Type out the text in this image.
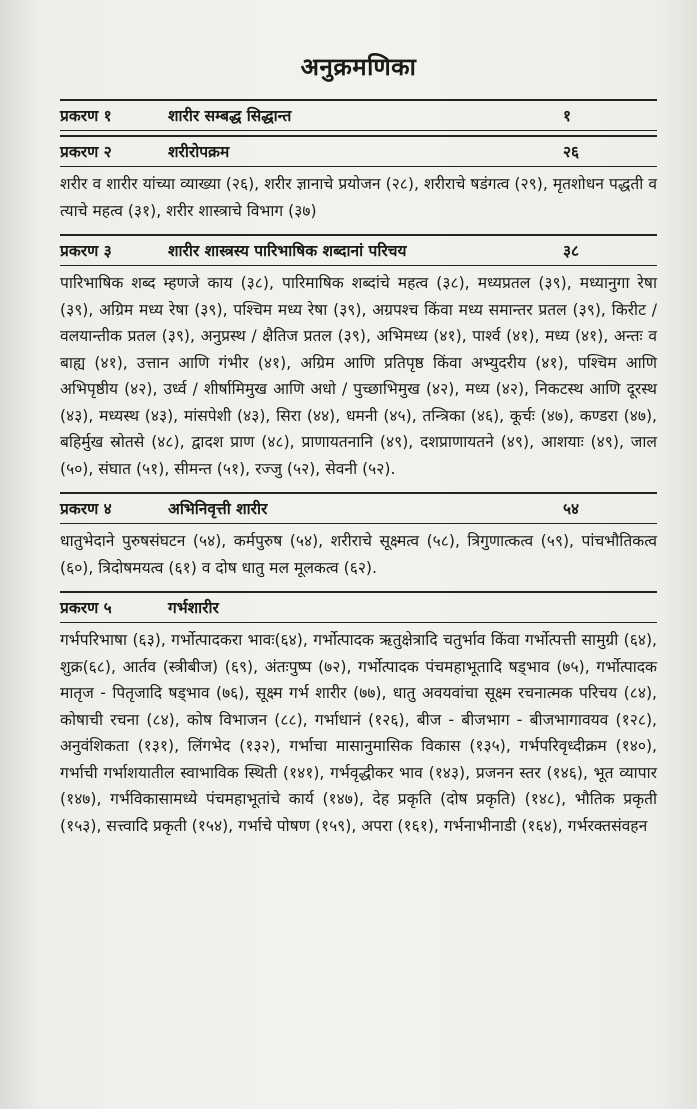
अनुक्रमणिका
प्रकरण १	शारीर सम्बद्ध सिद्धान्त	१
प्रकरण २	शरीरोपक्रम	२६

शरीर व शारीर यांच्या व्याख्या (२६), शरीर ज्ञानाचे प्रयोजन (२८), शरीराचे षडंगत्व (२९), मृतशोधन पद्धती व त्याचे महत्व (३१), शरीर शास्त्राचे विभाग (३७)

प्रकरण ३	शारीर शास्त्रस्य पारिभाषिक शब्दानां परिचय	३८

पारिभाषिक शब्द म्हणजे काय (३८), पारिमाषिक शब्दांचे महत्व (३८), मध्यप्रतल (३९), मध्यानुगा रेषा (३९), अग्रिम मध्य रेषा (३९), पश्चिम मध्य रेषा (३९), अग्रपश्च किंवा मध्य समान्तर प्रतल (३९), किरीट / वलयान्तीक प्रतल (३९), अनुप्रस्थ / क्षैतिज प्रतल (३९), अभिमध्य (४१), पार्श्व (४१), मध्य (४१), अन्तः व बाह्य (४१), उत्तान आणि गंभीर (४१), अग्रिम आणि प्रतिपृष्ठ किंवा अभ्युदरीय (४१), पश्चिम आणि अभिपृष्ठीय (४२), उर्ध्व / शीर्षामिमुख आणि अधो / पुच्छाभिमुख (४२), मध्य (४२), निकटस्थ आणि दूरस्थ (४३), मध्यस्थ (४३), मांसपेशी (४३), सिरा (४४), धमनी (४५), तन्त्रिका (४६), कूर्चः (४७), कण्डरा (४७), बहिर्मुख स्रोतसे (४८), द्वादश प्राण (४८), प्राणायतनानि (४९), दशप्राणायतने (४९), आशयाः (४९), जाल (५०), संघात (५१), सीमन्त (५१), रज्जु (५२), सेवनी (५२).

प्रकरण ४	अभिनिवृत्ती शारीर	५४

धातुभेदाने पुरुषसंघटन (५४), कर्मपुरुष (५४), शरीराचे सूक्ष्मत्व (५८), त्रिगुणात्कत्व (५९), पांचभौतिकत्व (६०), त्रिदोषमयत्व (६१) व दोष धातु मल मूलकत्व (६२).

प्रकरण ५	गर्भशारीर

गर्भपरिभाषा (६३), गर्भोत्पादकरा भावः(६४), गर्भोत्पादक ऋतुक्षेत्रादि चतुर्भाव किंवा गर्भोत्पत्ती सामुग्री (६४), शुक्र(६८), आर्तव (स्त्रीबीज) (६९), अंतःपुष्प (७२), गर्भोत्पादक पंचमहाभूतादि षड्भाव (७५), गर्भोत्पादक मातृज - पितृजादि षड्भाव (७६), सूक्ष्म गर्भ शारीर (७७), धातु अवयवांचा सूक्ष्म रचनात्मक परिचय (८४), कोषाची रचना (८४), कोष विभाजन (८८), गर्भाधानं (१२६), बीज - बीजभाग - बीजभागावयव (१२८), अनुवंशिकता (१३१), लिंगभेद (१३२), गर्भाचा मासानुमासिक विकास (१३५), गर्भपरिवृध्दीक्रम (१४०), गर्भाची गर्भाशयातील स्वाभाविक स्थिती (१४१), गर्भवृद्धीकर भाव (१४३), प्रजनन स्तर (१४६), भूत व्यापार (१४७), गर्भविकासामध्ये पंचमहाभूतांचे कार्य (१४७), देह प्रकृति (दोष प्रकृति) (१४८), भौतिक प्रकृती (१५३), सत्त्वादि प्रकृती (१५४), गर्भाचे पोषण (१५९), अपरा (१६१), गर्भनाभीनाडी (१६४), गर्भरक्तसंवहन
